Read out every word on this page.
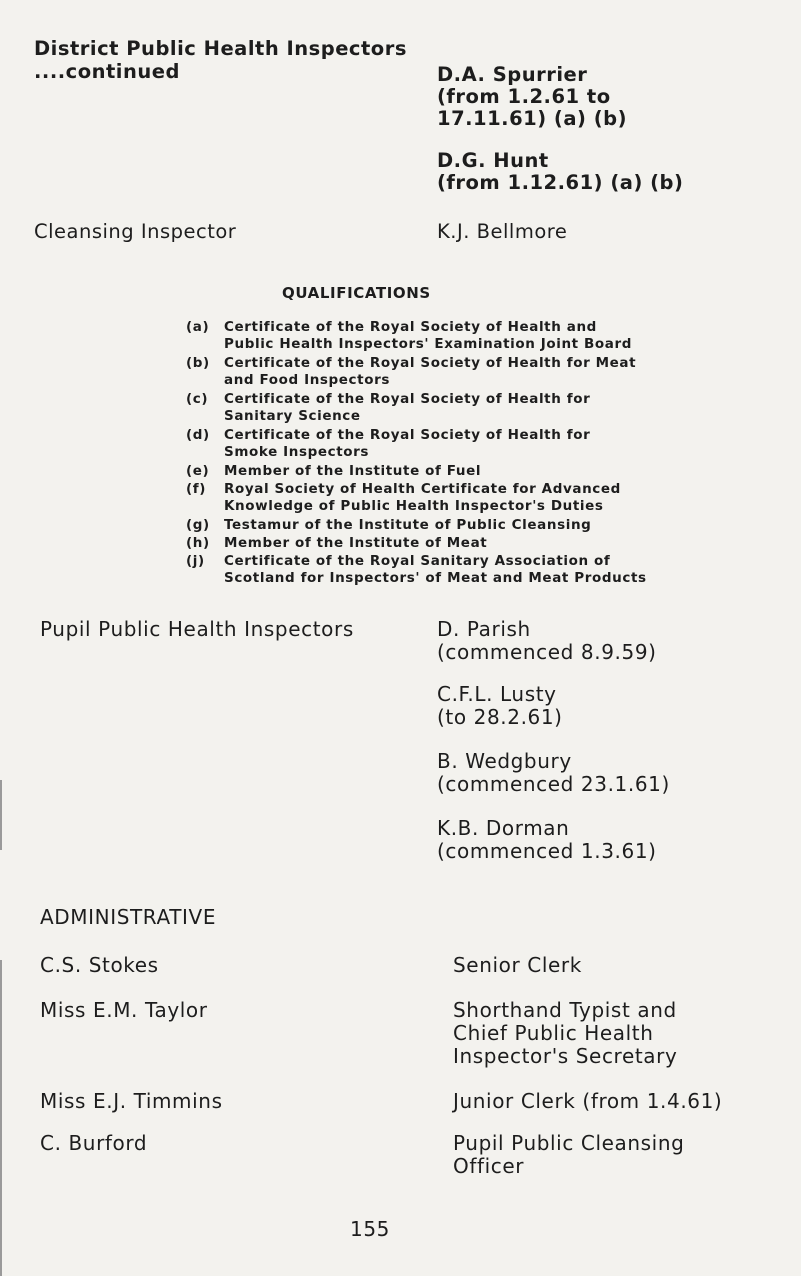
District Public Health Inspectors
....continued	D.A. Spurrier
(from 1.2.61 to
17.11.61) (a) (b)
D.G. Hunt
(from 1.12.61) (a) (b)
Cleansing Inspector	K.J. Bellmore
QUALIFICATIONS
(a) Certificate of the Royal Society of Health and
Public Health Inspectors' Examination Joint Board
(b) Certificate of the Royal Society of Health for Meat
and Food Inspectors
(c) Certificate of the Royal Society of Health for
Sanitary Science
(d) Certificate of the Royal Society of Health for
Smoke Inspectors
(e) Member of the Institute of Fuel
(f) Royal Society of Health Certificate for Advanced
Knowledge of Public Health Inspector's Duties
(g) Testamur of the Institute of Public Cleansing
(h) Member of the Institute of Meat
(j) Certificate of the Royal Sanitary Association of
Scotland for Inspectors' of Meat and Meat Products
Pupil Public Health Inspectors	D. Parish
(commenced 8.9.59)
C.F.L. Lusty
(to 28.2.61)
B. Wedgbury
(commenced 23.1.61)
K.B. Dorman
(commenced 1.3.61)
ADMINISTRATIVE
C.S. Stokes	Senior Clerk
Miss E.M. Taylor	Shorthand Typist and
Chief Public Health
Inspector's Secretary
Miss E.J. Timmins	Junior Clerk (from 1.4.61)
C. Burford	Pupil Public Cleansing
Officer
155
